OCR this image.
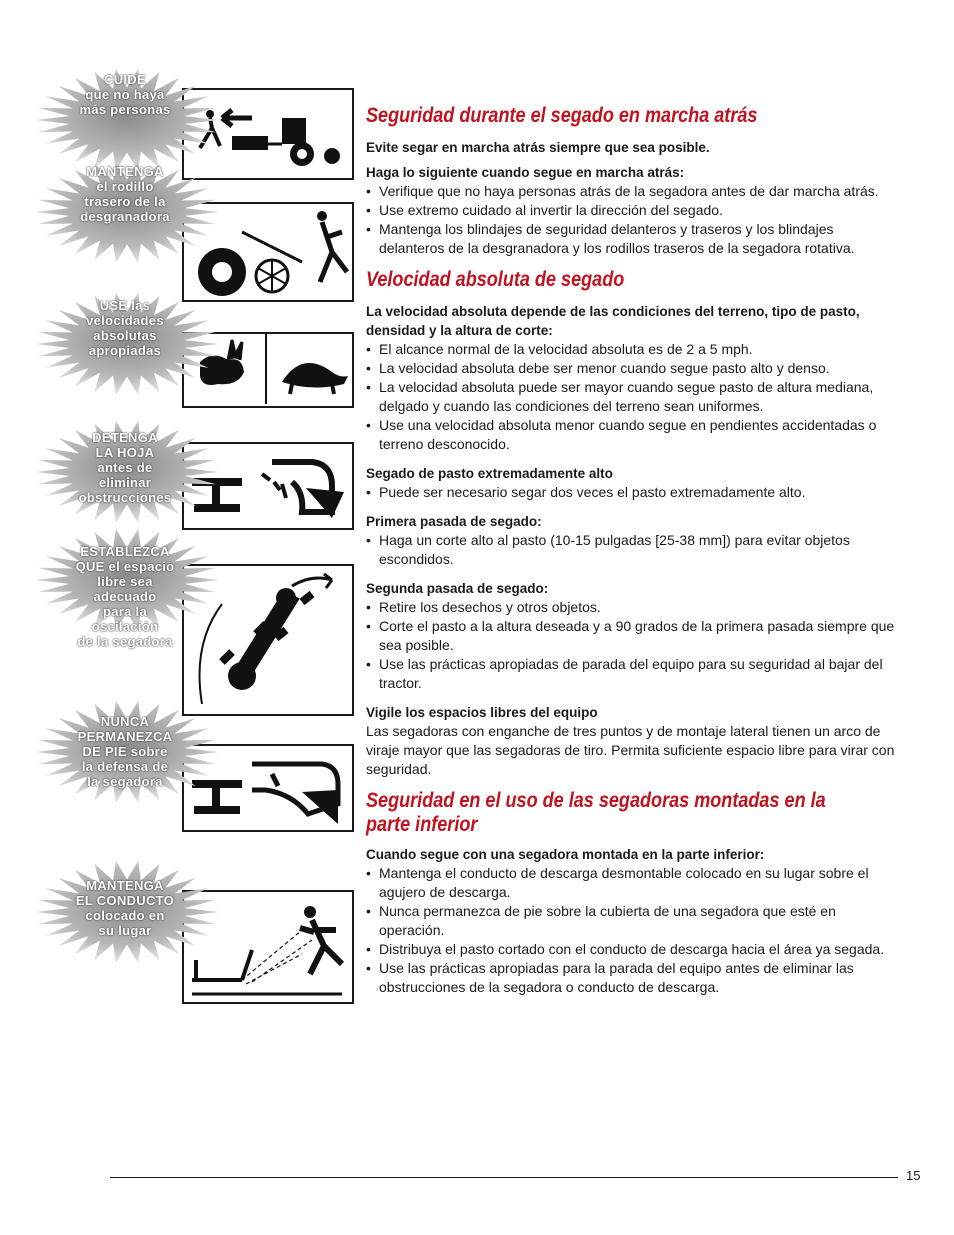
CUIDE
que no haya
más personas
MANTENGA
el rodillo
trasero de la
desgranadora
USE las
velocidades
absolutas
apropiadas
DETENGA
LA HOJA
antes de eliminar
obstrucciones
ESTABLEZCA
QUE el espacio
libre sea adecuado
para la oscilación
de la segadora
NUNCA
PERMANEZCA
DE PIE sobre
la defensa de
la segadora
MANTENGA
EL CONDUCTO
colocado en
su lugar
Seguridad durante el segado en marcha atrás
Evite segar en marcha atrás siempre que sea posible.
Haga lo siguiente cuando segue en marcha atrás:
• Verifique que no haya personas atrás de la segadora antes de dar marcha atrás.
• Use extremo cuidado al invertir la dirección del segado.
• Mantenga los blindajes de seguridad delanteros y traseros y los blindajes delanteros de la desgranadora y los rodillos traseros de la segadora rotativa.
Velocidad absoluta de segado
La velocidad absoluta depende de las condiciones del terreno, tipo de pasto, densidad y la altura de corte:
• El alcance normal de la velocidad absoluta es de 2 a 5 mph.
• La velocidad absoluta debe ser menor cuando segue pasto alto y denso.
• La velocidad absoluta puede ser mayor cuando segue pasto de altura mediana, delgado y cuando las condiciones del terreno sean uniformes.
• Use una velocidad absoluta menor cuando segue en pendientes accidentadas o terreno desconocido.
Segado de pasto extremadamente alto
• Puede ser necesario segar dos veces el pasto extremadamente alto.
Primera pasada de segado:
• Haga un corte alto al pasto (10-15 pulgadas [25-38 mm]) para evitar objetos escondidos.
Segunda pasada de segado:
• Retire los desechos y otros objetos.
• Corte el pasto a la altura deseada y a 90 grados de la primera pasada siempre que sea posible.
• Use las prácticas apropiadas de parada del equipo para su seguridad al bajar del tractor.
Vigile los espacios libres del equipo

Las segadoras con enganche de tres puntos y de montaje lateral tienen un arco de viraje mayor que las segadoras de tiro. Permita suficiente espacio libre para virar con seguridad.

Seguridad en el uso de las segadoras montadas en la parte inferior
Cuando segue con una segadora montada en la parte inferior:
• Mantenga el conducto de descarga desmontable colocado en su lugar sobre el agujero de descarga.
• Nunca permanezca de pie sobre la cubierta de una segadora que esté en operación.
• Distribuya el pasto cortado con el conducto de descarga hacia el área ya segada.
• Use las prácticas apropiadas para la parada del equipo antes de eliminar las obstrucciones de la segadora o conducto de descarga.
15
